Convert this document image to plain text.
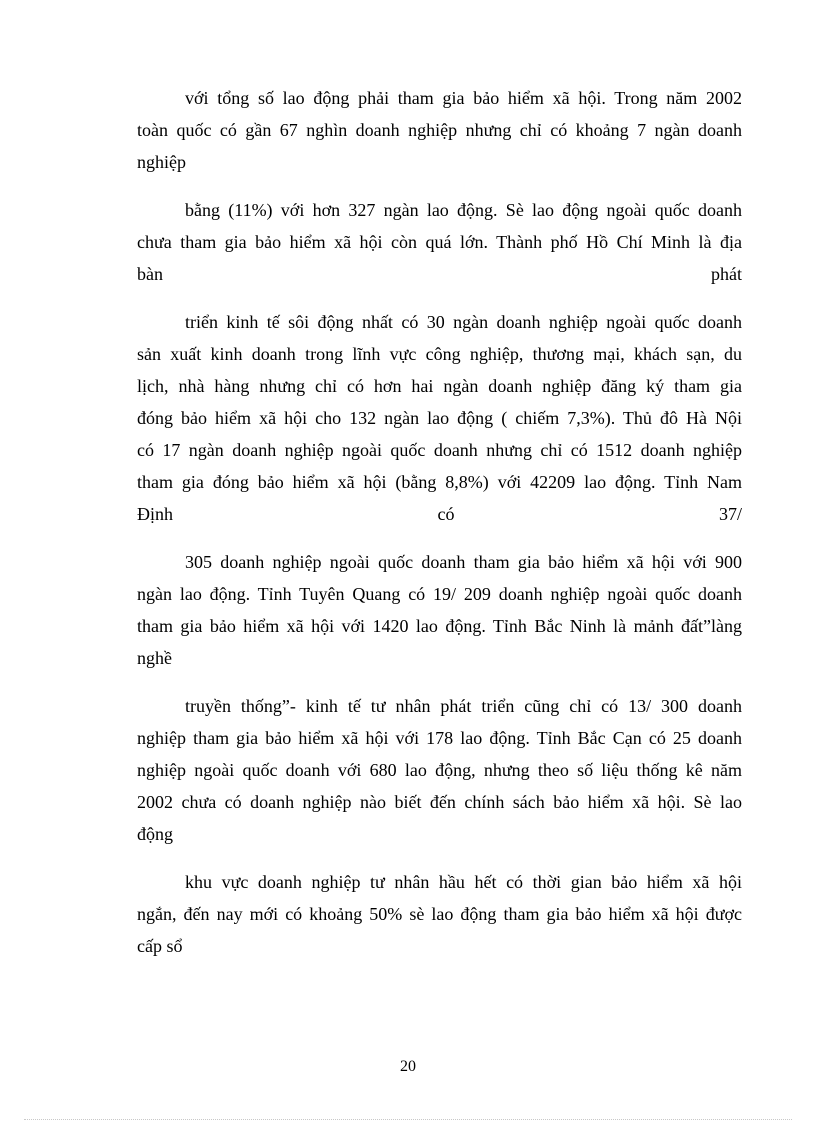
với tổng số lao động phải tham gia bảo hiểm xã hội. Trong năm 2002
toàn quốc có gần 67 nghìn doanh nghiệp nhưng chỉ có khoảng 7 ngàn doanh
nghiệp

bằng (11%) với hơn 327 ngàn lao động. Sè lao động ngoài quốc doanh
chưa tham gia bảo hiểm xã hội còn quá lớn. Thành phố Hồ Chí Minh là địa
bàn phát

triển kinh tế sôi động nhất có 30 ngàn doanh nghiệp ngoài quốc doanh
sản xuất kinh doanh trong lĩnh vực công nghiệp, thương mại, khách sạn, du
lịch, nhà hàng nhưng chỉ có hơn hai ngàn doanh nghiệp đăng ký tham gia
đóng bảo hiểm xã hội cho 132 ngàn lao động ( chiếm 7,3%). Thủ đô Hà Nội
có 17 ngàn doanh nghiệp ngoài quốc doanh nhưng chỉ có 1512 doanh nghiệp
tham gia đóng bảo hiểm xã hội (bằng 8,8%) với 42209 lao động. Tỉnh Nam
Định có 37/

305 doanh nghiệp ngoài quốc doanh tham gia bảo hiểm xã hội với 900
ngàn lao động. Tỉnh Tuyên Quang có 19/ 209 doanh nghiệp ngoài quốc doanh
tham gia bảo hiểm xã hội với 1420 lao động. Tỉnh Bắc Ninh là mảnh đất”làng
nghề

truyền thống”- kinh tế tư nhân phát triển cũng chỉ có 13/ 300 doanh
nghiệp tham gia bảo hiểm xã hội với 178 lao động. Tỉnh Bắc Cạn có 25 doanh
nghiệp ngoài quốc doanh với 680 lao động, nhưng theo số liệu thống kê năm
2002 chưa có doanh nghiệp nào biết đến chính sách bảo hiểm xã hội. Sè lao
động

khu vực doanh nghiệp tư nhân hầu hết có thời gian bảo hiểm xã hội
ngắn, đến nay mới có khoảng 50% sè lao động tham gia bảo hiểm xã hội được
cấp sổ

20
